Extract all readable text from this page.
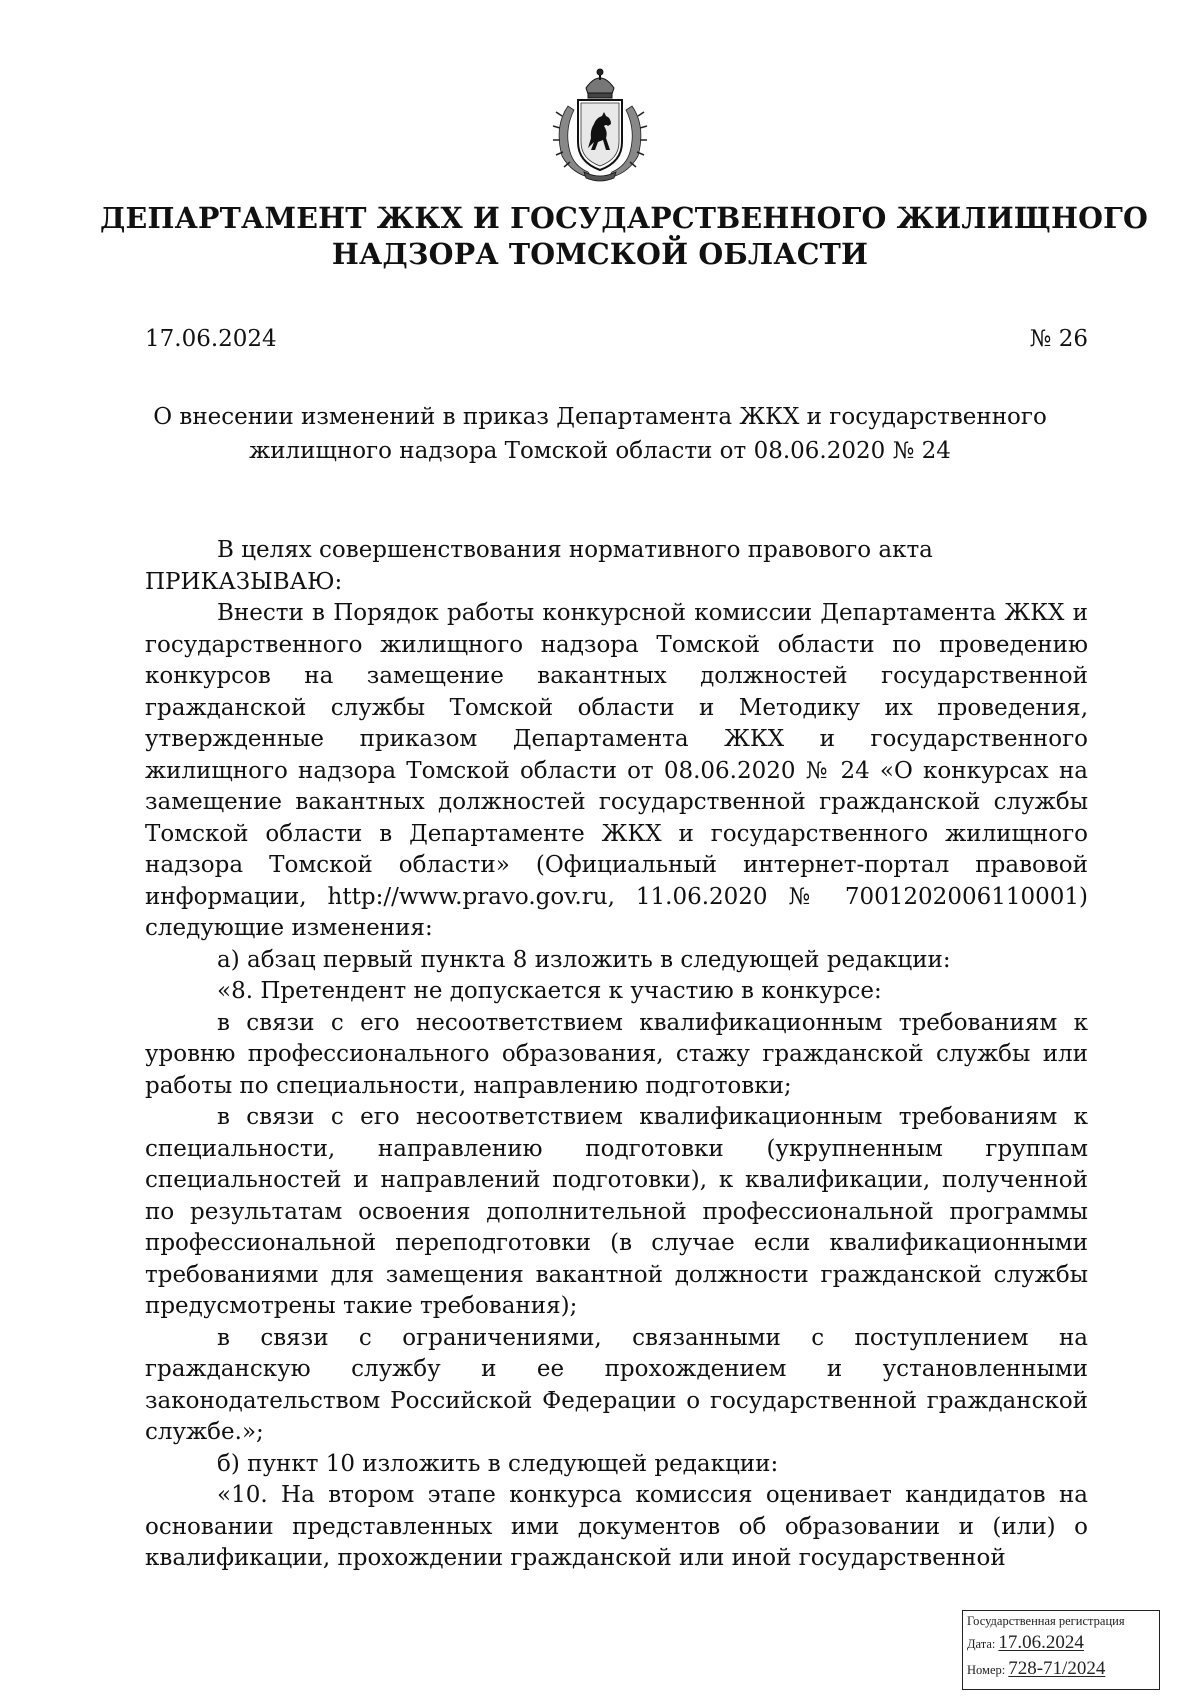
ДЕПАРТАМЕНТ ЖКХ И ГОСУДАРСТВЕННОГО ЖИЛИЩНОГО
НАДЗОРА ТОМСКОЙ ОБЛАСТИ
17.06.2024	№ 26
О внесении изменений в приказ Департамента ЖКХ и государственного
жилищного надзора Томской области от 08.06.2020 № 24

В целях совершенствования нормативного правового акта

ПРИКАЗЫВАЮ:

Внести в Порядок работы конкурсной комиссии Департамента ЖКХ и государственного жилищного надзора Томской области по проведению конкурсов на замещение вакантных должностей государственной гражданской службы Томской области и Методику их проведения, утвержденные приказом Департамента ЖКХ и государственного жилищного надзора Томской области от 08.06.2020 № 24 «О конкурсах на замещение вакантных должностей государственной гражданской службы Томской области в Департаменте ЖКХ и государственного жилищного надзора Томской области» (Официальный интернет-портал правовой информации, http://www.pravo.gov.ru, 11.06.2020 № 7001202006110001) следующие изменения:

а) абзац первый пункта 8 изложить в следующей редакции:

«8. Претендент не допускается к участию в конкурсе:

в связи с его несоответствием квалификационным требованиям к уровню профессионального образования, стажу гражданской службы или работы по специальности, направлению подготовки;

в связи с его несоответствием квалификационным требованиям к специальности, направлению подготовки (укрупненным группам специальностей и направлений подготовки), к квалификации, полученной по результатам освоения дополнительной профессиональной программы профессиональной переподготовки (в случае если квалификационными требованиями для замещения вакантной должности гражданской службы предусмотрены такие требования);

в связи с ограничениями, связанными с поступлением на гражданскую службу и ее прохождением и установленными законодательством Российской Федерации о государственной гражданской службе.»;

б) пункт 10 изложить в следующей редакции:

«10. На втором этапе конкурса комиссия оценивает кандидатов на основании представленных ими документов об образовании и (или) о квалификации, прохождении гражданской или иной государственной

Государственная регистрация
Дата: 17.06.2024
Номер: 728-71/2024
